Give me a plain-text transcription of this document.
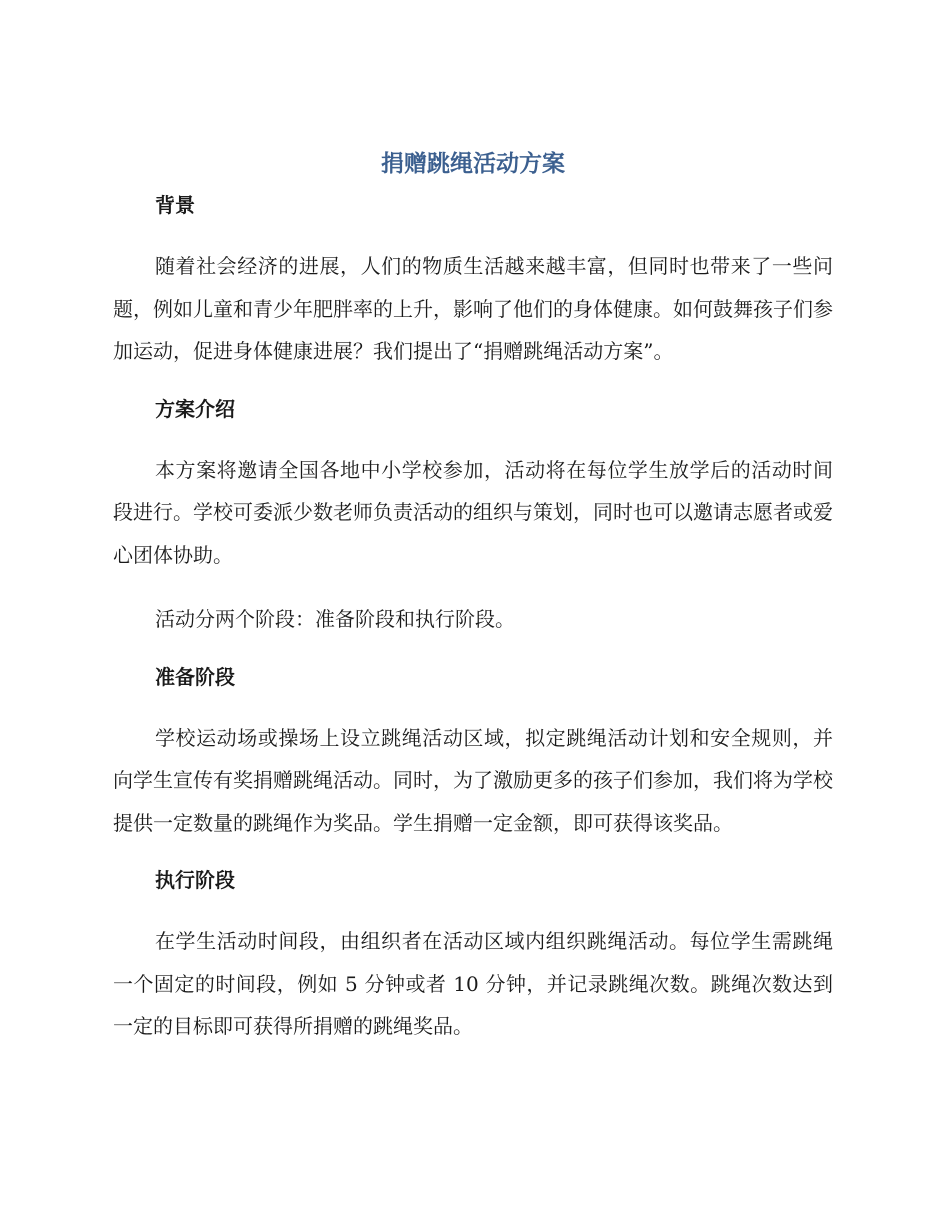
捐赠跳绳活动方案
背景

随着社会经济的进展，人们的物质生活越来越丰富，但同时也带来了一些问题，例如儿童和青少年肥胖率的上升，影响了他们的身体健康。如何鼓舞孩子们参加运动，促进身体健康进展？我们提出了“捐赠跳绳活动方案”。

方案介绍

本方案将邀请全国各地中小学校参加，活动将在每位学生放学后的活动时间段进行。学校可委派少数老师负责活动的组织与策划，同时也可以邀请志愿者或爱心团体协助。

活动分两个阶段：准备阶段和执行阶段。

准备阶段

学校运动场或操场上设立跳绳活动区域，拟定跳绳活动计划和安全规则，并向学生宣传有奖捐赠跳绳活动。同时，为了激励更多的孩子们参加，我们将为学校提供一定数量的跳绳作为奖品。学生捐赠一定金额，即可获得该奖品。

执行阶段

在学生活动时间段，由组织者在活动区域内组织跳绳活动。每位学生需跳绳一个固定的时间段，例如 5 分钟或者 10 分钟，并记录跳绳次数。跳绳次数达到一定的目标即可获得所捐赠的跳绳奖品。
